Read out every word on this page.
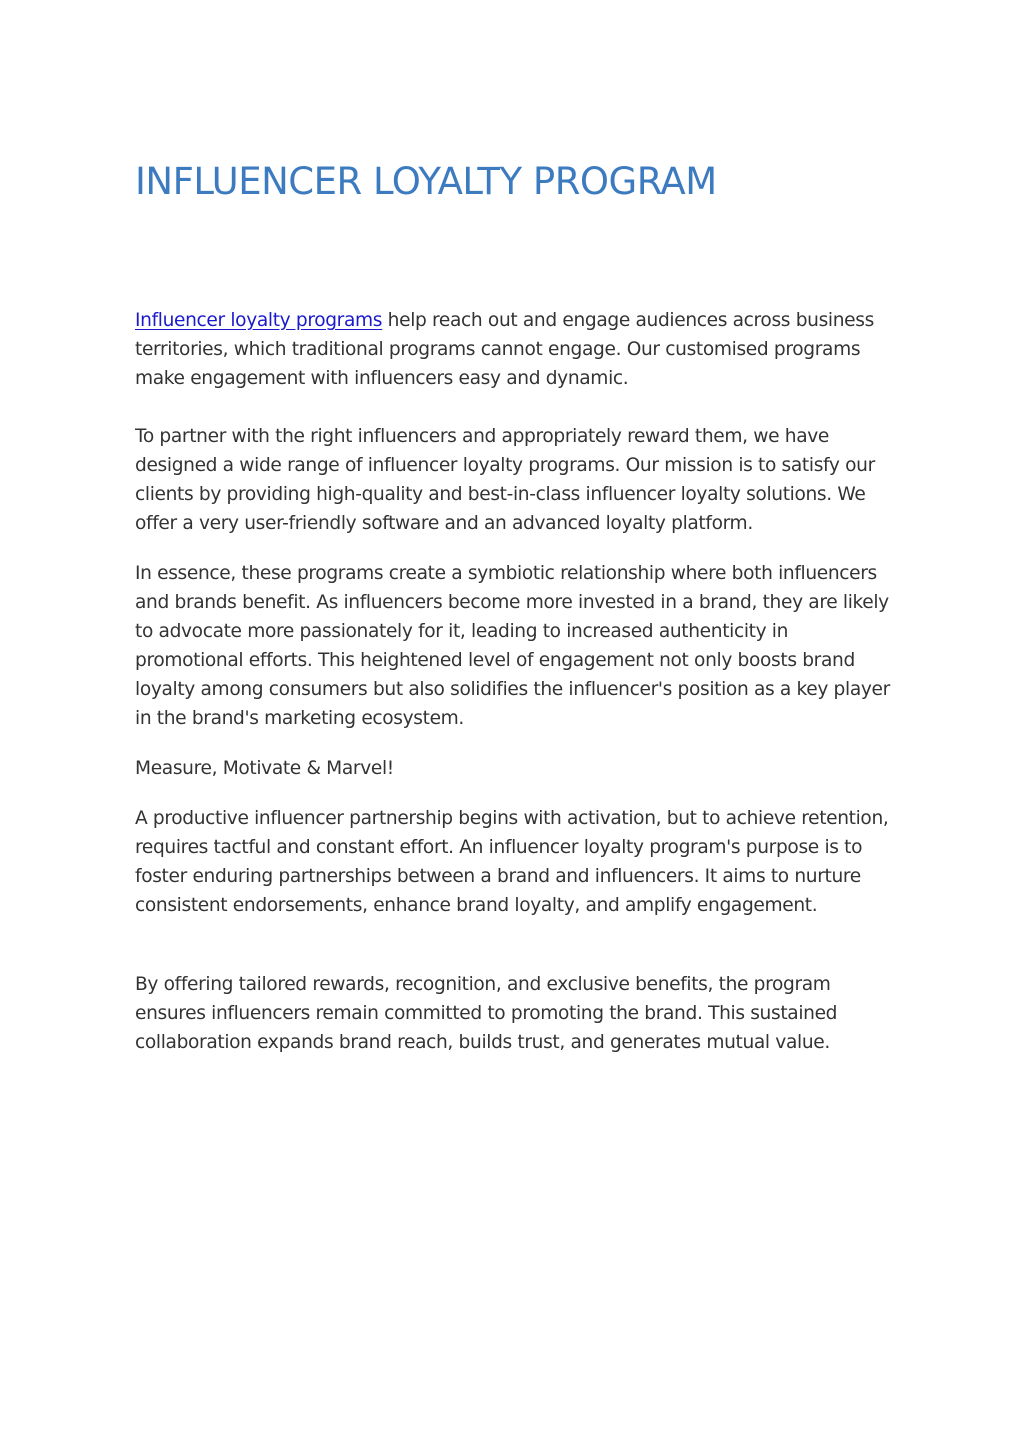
INFLUENCER LOYALTY PROGRAM

Influencer loyalty programs help reach out and engage audiences across business territories, which traditional programs cannot engage. Our customised programs make engagement with influencers easy and dynamic.

To partner with the right influencers and appropriately reward them, we have designed a wide range of influencer loyalty programs. Our mission is to satisfy our clients by providing high-quality and best-in-class influencer loyalty solutions. We offer a very user-friendly software and an advanced loyalty platform.

In essence, these programs create a symbiotic relationship where both influencers and brands benefit. As influencers become more invested in a brand, they are likely to advocate more passionately for it, leading to increased authenticity in promotional efforts. This heightened level of engagement not only boosts brand loyalty among consumers but also solidifies the influencer's position as a key player in the brand's marketing ecosystem.

Measure, Motivate & Marvel!

A productive influencer partnership begins with activation, but to achieve retention, requires tactful and constant effort. An influencer loyalty program's purpose is to foster enduring partnerships between a brand and influencers. It aims to nurture consistent endorsements, enhance brand loyalty, and amplify engagement.

By offering tailored rewards, recognition, and exclusive benefits, the program ensures influencers remain committed to promoting the brand. This sustained collaboration expands brand reach, builds trust, and generates mutual value.
